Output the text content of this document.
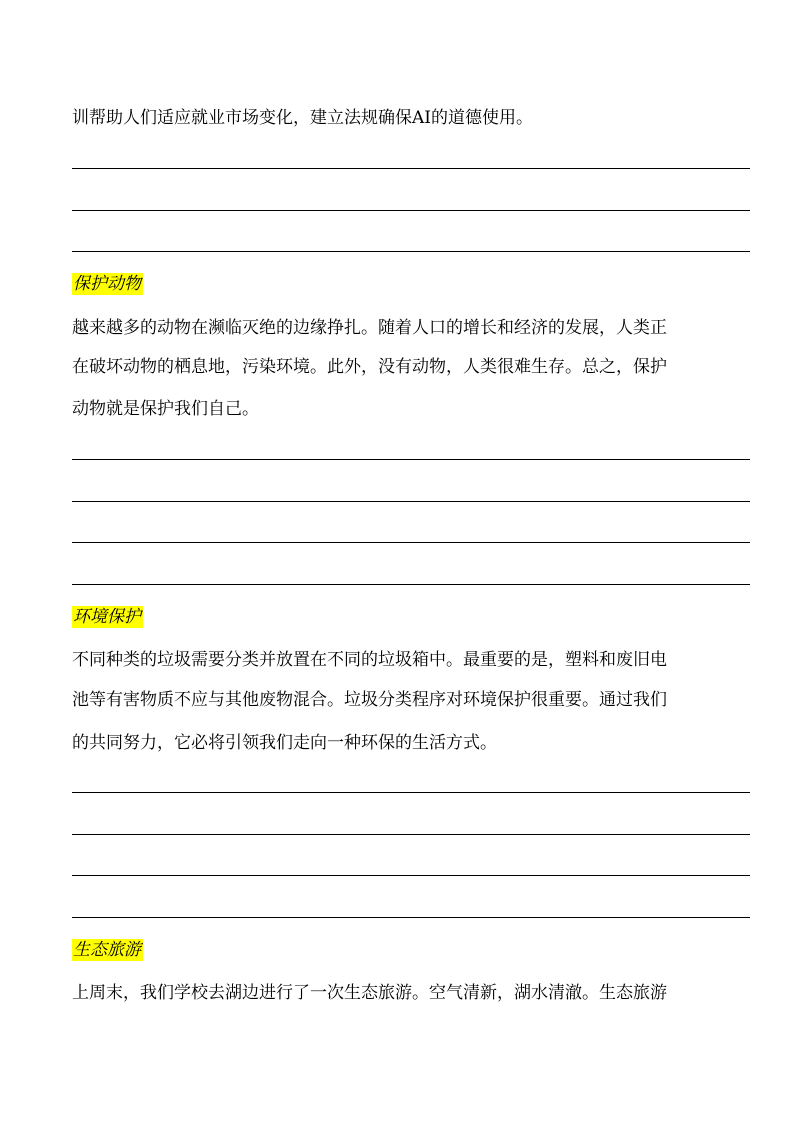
训帮助人们适应就业市场变化，建立法规确保AI的道德使用。
保护动物
越来越多的动物在濒临灭绝的边缘挣扎。随着人口的增长和经济的发展，人类正
在破坏动物的栖息地，污染环境。此外，没有动物，人类很难生存。总之，保护
动物就是保护我们自己。
环境保护
不同种类的垃圾需要分类并放置在不同的垃圾箱中。最重要的是，塑料和废旧电
池等有害物质不应与其他废物混合。垃圾分类程序对环境保护很重要。通过我们
的共同努力，它必将引领我们走向一种环保的生活方式。
生态旅游
上周末，我们学校去湖边进行了一次生态旅游。空气清新，湖水清澈。生态旅游
